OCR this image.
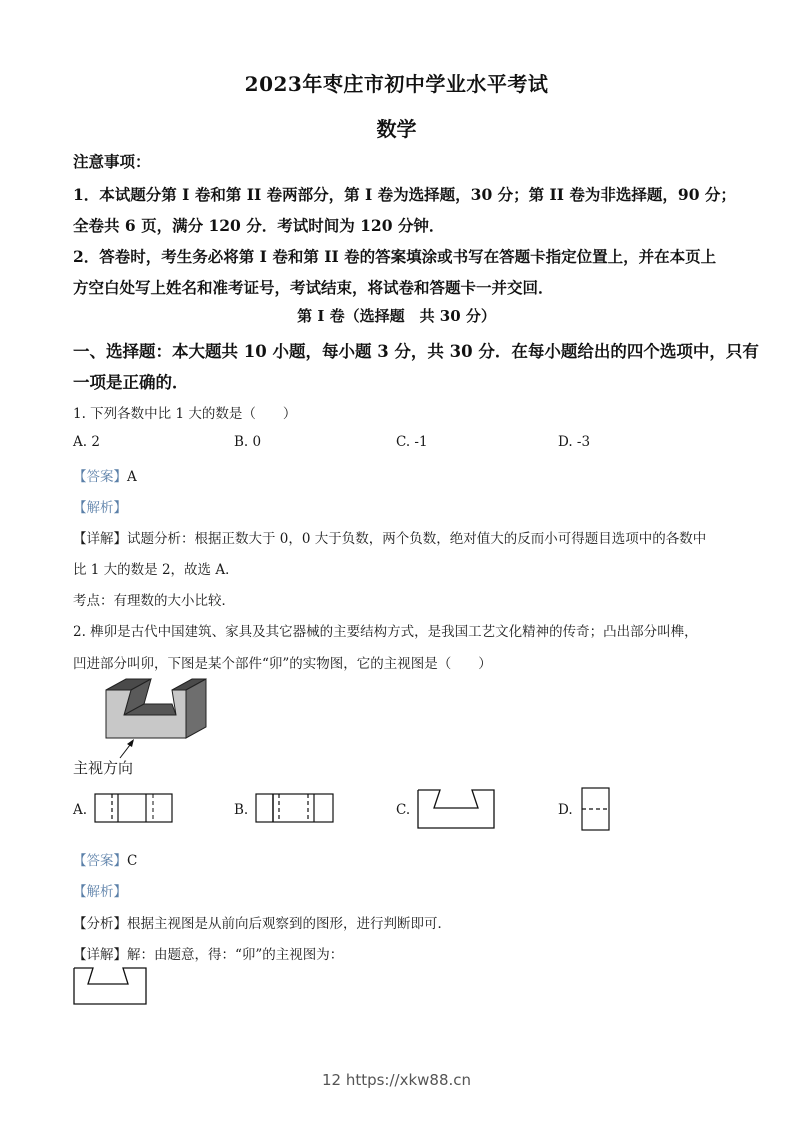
2023年枣庄市初中学业水平考试
数学
注意事项：
1．本试题分第 I 卷和第 II 卷两部分，第 I 卷为选择题，30 分；第 II 卷为非选择题，90 分；
全卷共 6 页，满分 120 分．考试时间为 120 分钟．
2．答卷时，考生务必将第 I 卷和第 II 卷的答案填涂或书写在答题卡指定位置上，并在本页上
方空白处写上姓名和准考证号，考试结束，将试卷和答题卡一并交回．
第 I 卷（选择题　共 30 分）
一、选择题：本大题共 10 小题，每小题 3 分，共 30 分．在每小题给出的四个选项中，只有
一项是正确的．
1. 下列各数中比 1 大的数是（　　）
A. 2	B. 0	C. -1	D. -3
【答案】A
【解析】
【详解】试题分析：根据正数大于 0，0 大于负数，两个负数，绝对值大的反而小可得题目选项中的各数中
比 1 大的数是 2，故选 A．
考点：有理数的大小比较．
2. 榫卯是古代中国建筑、家具及其它器械的主要结构方式，是我国工艺文化精神的传奇；凸出部分叫榫，
凹进部分叫卯，下图是某个部件“卯”的实物图，它的主视图是（　　）
主视方向
A.	B.	C.	D.
【答案】C
【解析】
【分析】根据主视图是从前向后观察到的图形，进行判断即可．
【详解】解：由题意，得：“卯”的主视图为：
12 https://xkw88.cn
